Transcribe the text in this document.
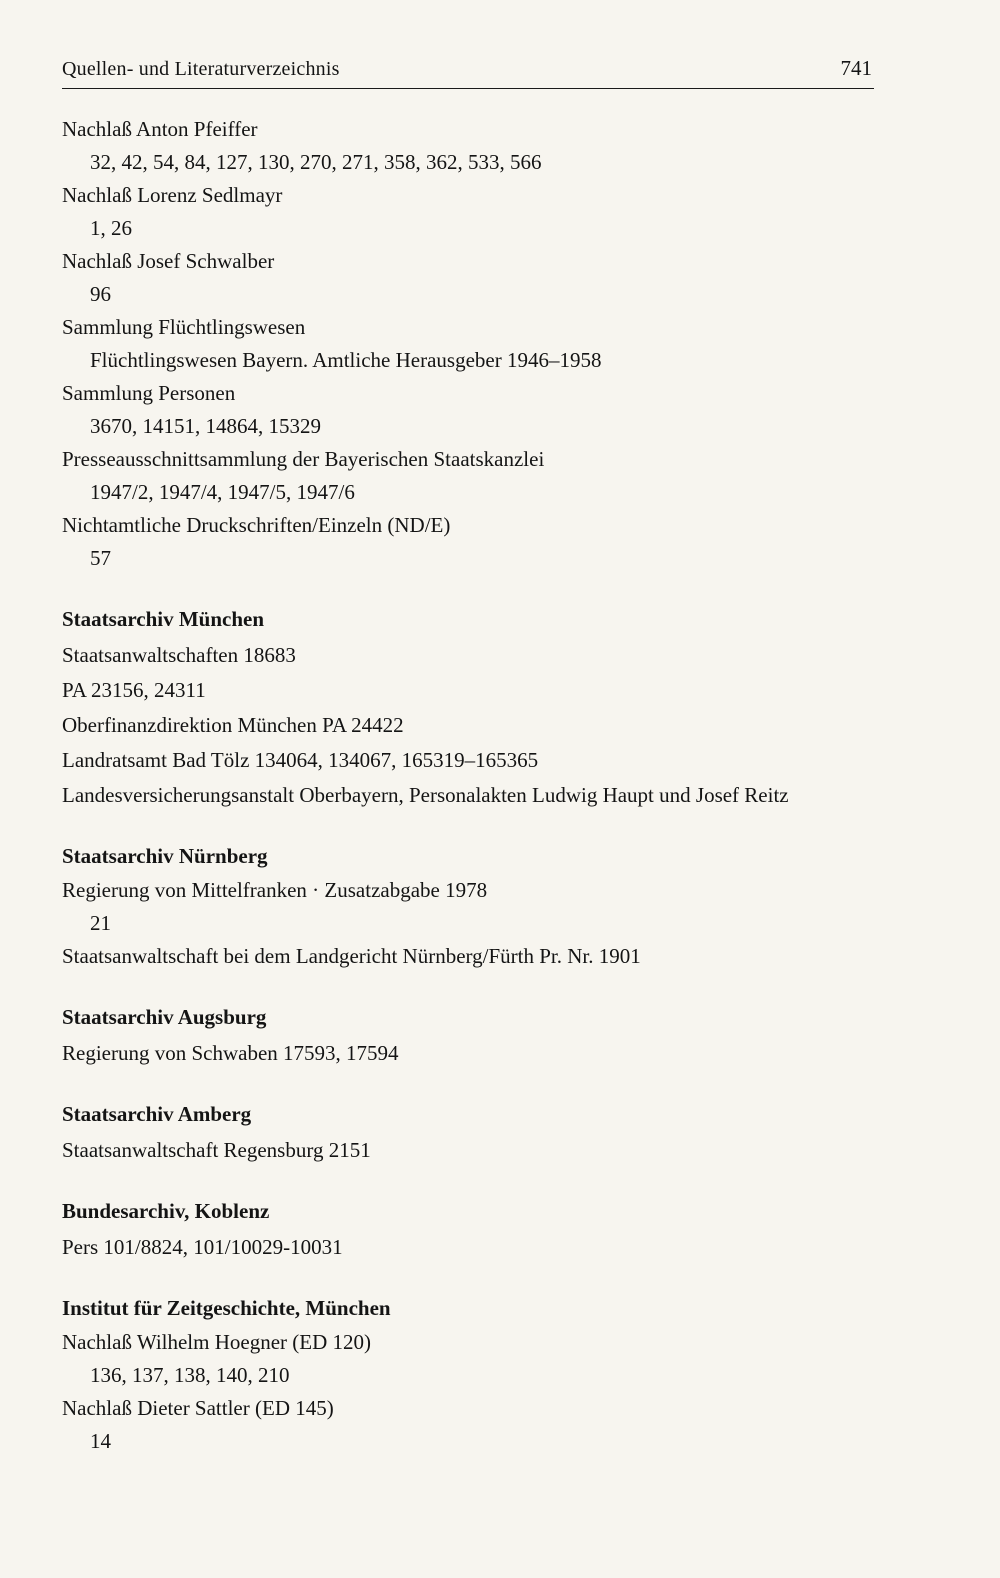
Quellen- und Literaturverzeichnis	741

Nachlaß Anton Pfeiffer
32, 42, 54, 84, 127, 130, 270, 271, 358, 362, 533, 566

Nachlaß Lorenz Sedlmayr
1, 26

Nachlaß Josef Schwalber
96

Sammlung Flüchtlingswesen
Flüchtlingswesen Bayern. Amtliche Herausgeber 1946–1958

Sammlung Personen
3670, 14151, 14864, 15329

Presseausschnittsammlung der Bayerischen Staatskanzlei
1947/2, 1947/4, 1947/5, 1947/6

Nichtamtliche Druckschriften/Einzeln (ND/E)
57

Staatsarchiv München

Staatsanwaltschaften 18683

PA 23156, 24311

Oberfinanzdirektion München PA 24422

Landratsamt Bad Tölz 134064, 134067, 165319–165365

Landesversicherungsanstalt Oberbayern, Personalakten Ludwig Haupt und Josef Reitz

Staatsarchiv Nürnberg

Regierung von Mittelfranken · Zusatzabgabe 1978
21

Staatsanwaltschaft bei dem Landgericht Nürnberg/Fürth Pr. Nr. 1901

Staatsarchiv Augsburg

Regierung von Schwaben 17593, 17594

Staatsarchiv Amberg

Staatsanwaltschaft Regensburg 2151

Bundesarchiv, Koblenz

Pers 101/8824, 101/10029-10031

Institut für Zeitgeschichte, München

Nachlaß Wilhelm Hoegner (ED 120)
136, 137, 138, 140, 210

Nachlaß Dieter Sattler (ED 145)
14
